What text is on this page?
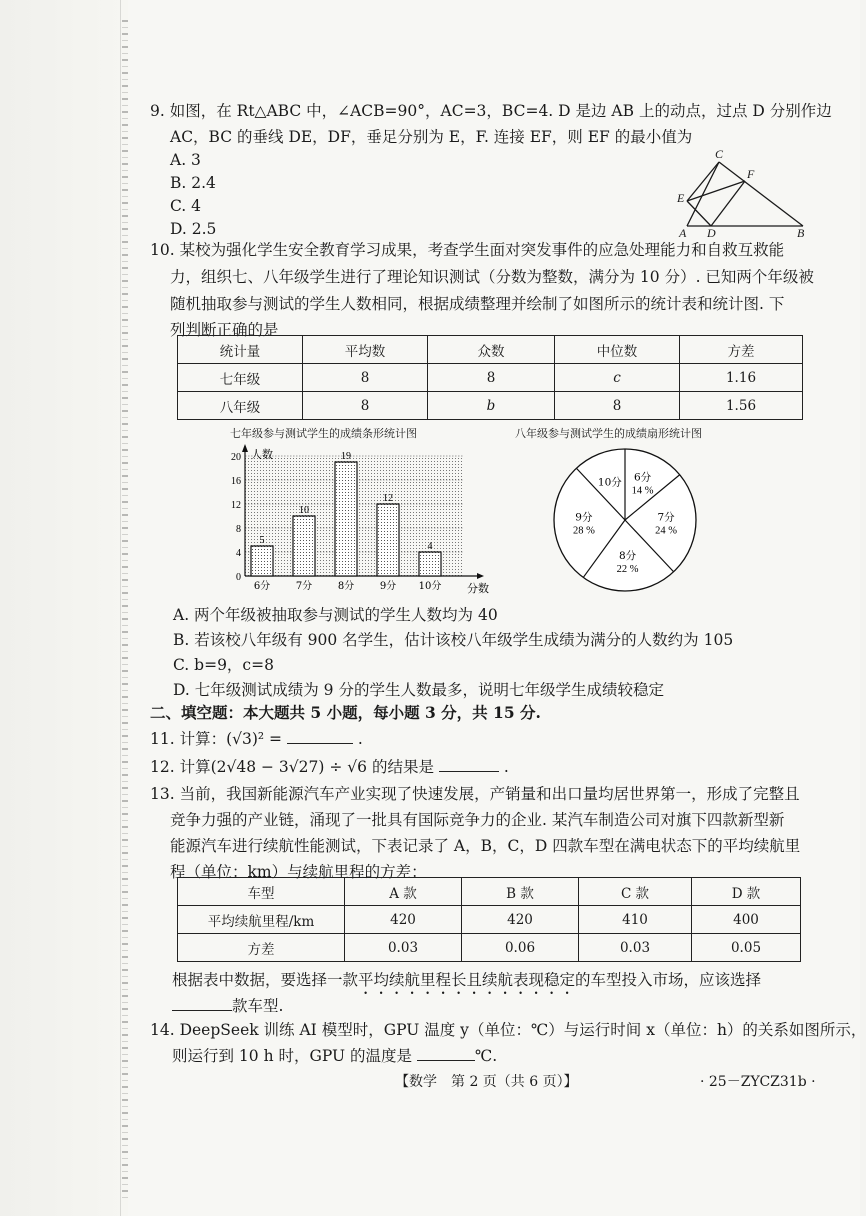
9. 如图，在 Rt△ABC 中，∠ACB=90°，AC=3，BC=4. D 是边 AB 上的动点，过点 D 分别作边
AC，BC 的垂线 DE，DF，垂足分别为 E，F. 连接 EF，则 EF 的最小值为
A. 3
B. 2.4
C. 4
D. 2.5
C
F
E
A D	B
10. 某校为强化学生安全教育学习成果，考查学生面对突发事件的应急处理能力和自救互救能
力，组织七、八年级学生进行了理论知识测试（分数为整数，满分为 10 分）. 已知两个年级被
随机抽取参与测试的学生人数相同，根据成绩整理并绘制了如图所示的统计表和统计图. 下
列判断正确的是
统计量	平均数	众数	中位数	方差
七年级	8	8	c	1.16
八年级	8	b	8	1.56
七年级参与测试学生的成绩条形统计图
0
4
8
12
16
20 人数
分数
5
6分
10
7分
19
8分
12
9分
4
10分
八年级参与测试学生的成绩扇形统计图
6分
14 %
7分
24 %
8分
22 %
9分
28 %
10分
A. 两个年级被抽取参与测试的学生人数均为 40
B. 若该校八年级有 900 名学生，估计该校八年级学生成绩为满分的人数约为 105
C. b=9，c=8
D. 七年级测试成绩为 9 分的学生人数最多，说明七年级学生成绩较稳定
二、填空题：本大题共 5 小题，每小题 3 分，共 15 分.
11. 计算：(√3)² =	.
12. 计算(2√48 − 3√27) ÷ √6 的结果是	.
13. 当前，我国新能源汽车产业实现了快速发展，产销量和出口量均居世界第一，形成了完整且
竞争力强的产业链，涌现了一批具有国际竞争力的企业. 某汽车制造公司对旗下四款新型新
能源汽车进行续航性能测试，下表记录了 A，B，C，D 四款车型在满电状态下的平均续航里
程（单位：km）与续航里程的方差：
车型	A 款	B 款	C 款	D 款
平均续航里程/km	420	420	410	400
方差	0.03	0.06	0.03	0.05
根据表中数据，要选择一款平均续航里程长且续航表现稳定的车型投入市场，应该选择
款车型.
14. DeepSeek 训练 AI 模型时，GPU 温度 y（单位：℃）与运行时间 x（单位：h）的关系如图所示，
则运行到 10 h 时，GPU 的温度是	℃.
【数学　第 2 页（共 6 页）】	· 25－ZYCZ31b ·
